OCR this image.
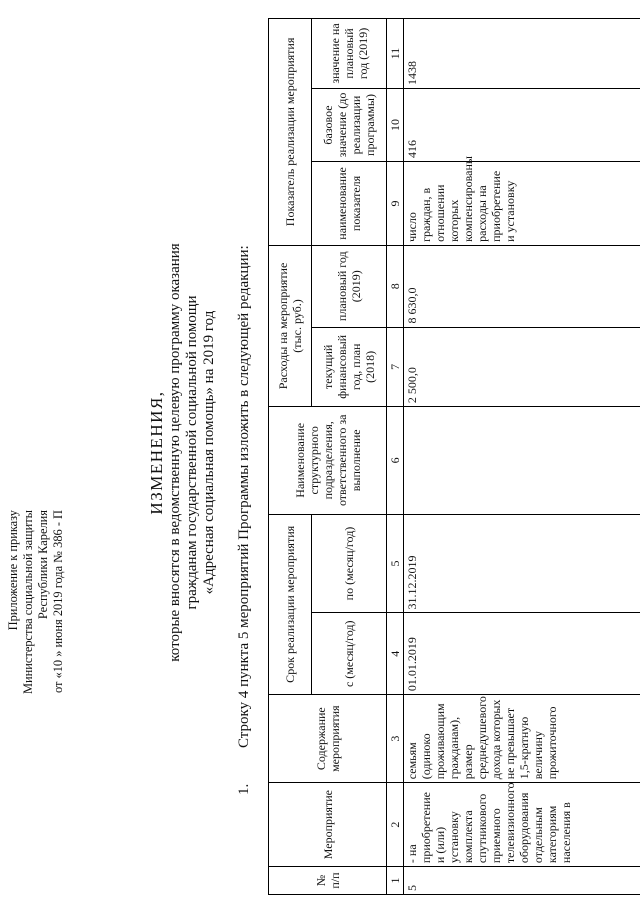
Приложение к приказу Министерства социальной защиты Республики Карелия от «10 » июня 2019 года № 386 - П
ИЗМЕНЕНИЯ, которые вносятся в ведомственную целевую программу оказания гражданам государственной социальной помощи «Адресная социальная помощь» на 2019 год
1. Строку 4 пункта 5 мероприятий Программы изложить в следующей редакции:
№ п/п	Мероприятие	Содержание мероприятия	Срок реализации мероприятия		Наименование структурного подразделения, ответственного за выполнение	Расходы на мероприятие (тыс. руб.)		Показатель реализации мероприятия		
			с (месяц/год)	по (месяц/год)		текущий финансовый год, план (2018)	плановый год (2019)	наименование показателя	базовое значение (до реализации программы)	значение на плановый год (2019)
1	2	3	4	5	6	7	8	9	10	11
5	- на приобретение и (или) установку комплекта спутникового приемного телевизионного оборудования отдельным категориям населения в	семьям (одиноко проживающим гражданам), размер среднедушевого дохода которых не превышает 1,5-кратную величину прожиточного	01.01.2019	31.12.2019		2 500,0	8 630,0	число граждан, в отношении которых компенсированы расходы на приобретение и установку	416	1438
